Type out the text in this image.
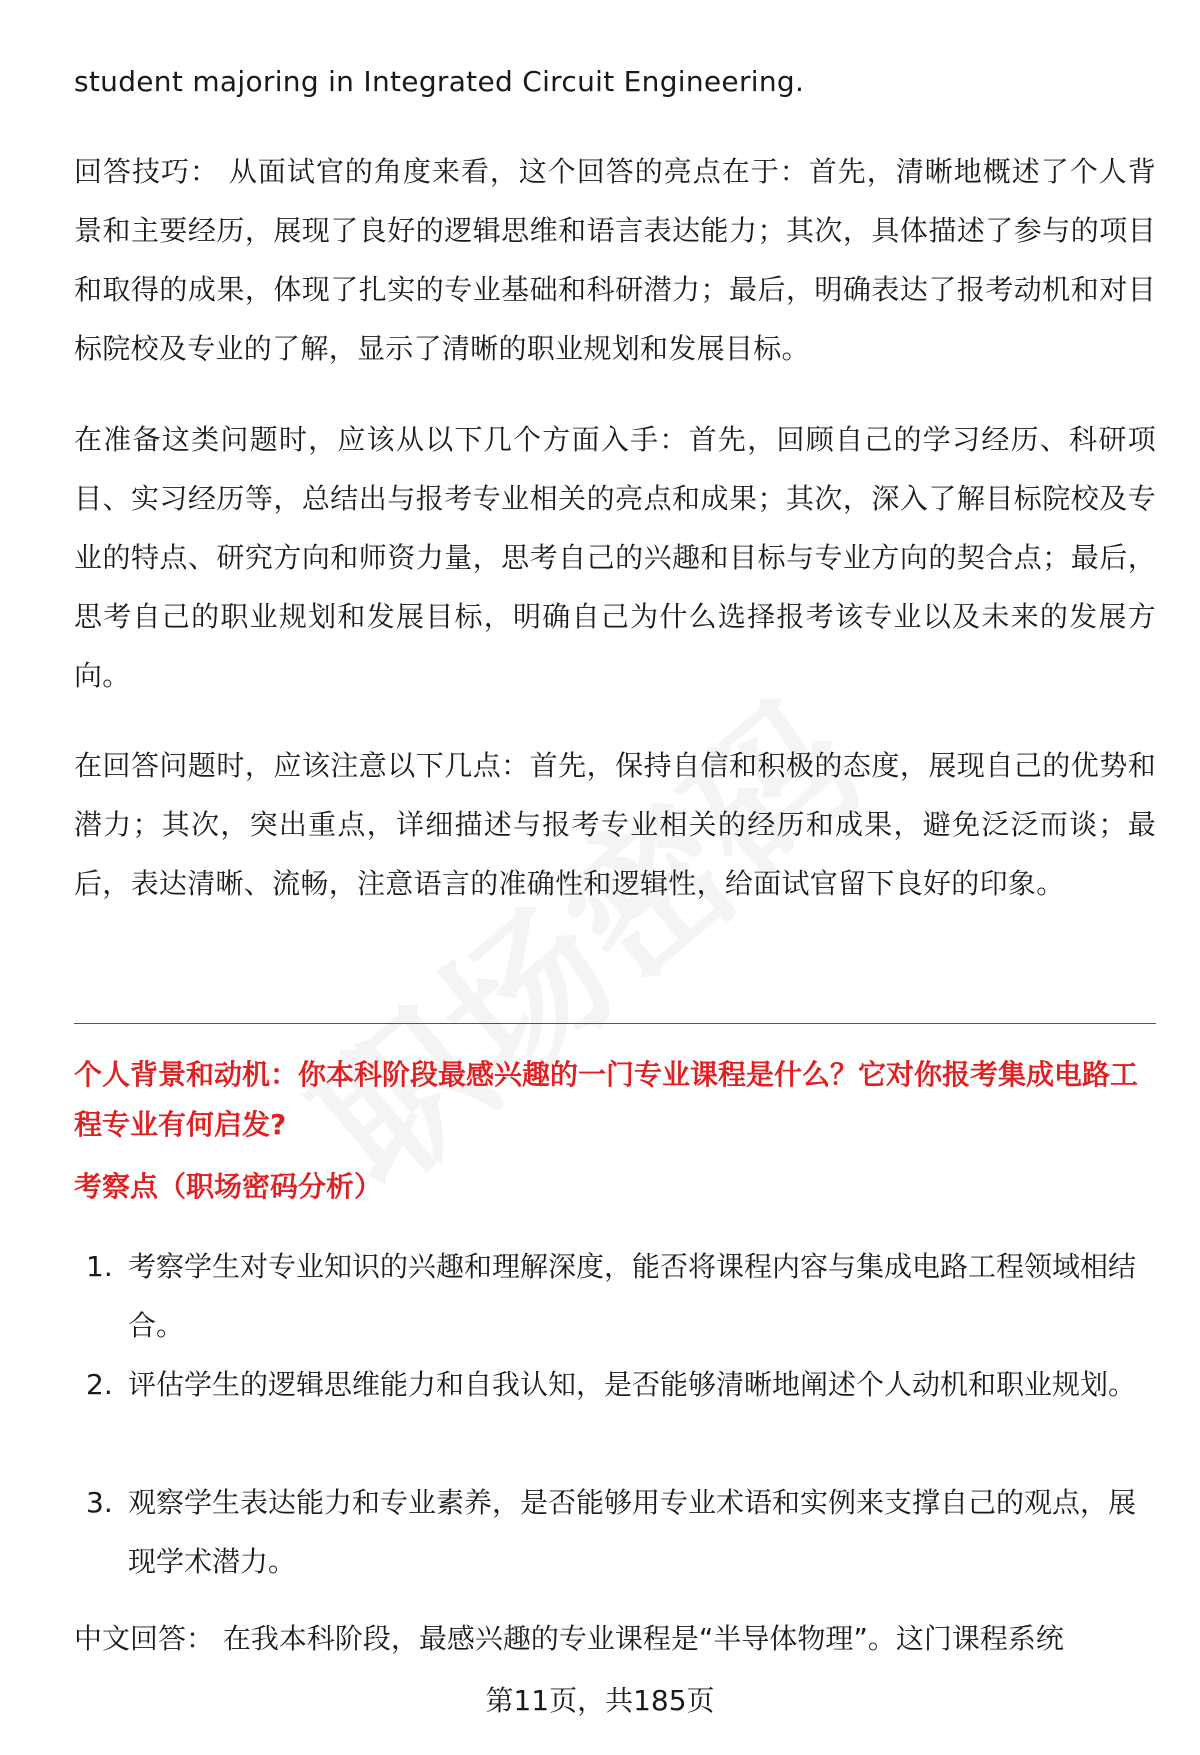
student majoring in Integrated Circuit Engineering.

回答技巧： 从面试官的角度来看，这个回答的亮点在于：首先，清晰地概述了个人背景和主要经历，展现了良好的逻辑思维和语言表达能力；其次，具体描述了参与的项目和取得的成果，体现了扎实的专业基础和科研潜力；最后，明确表达了报考动机和对目标院校及专业的了解，显示了清晰的职业规划和发展目标。

在准备这类问题时，应该从以下几个方面入手：首先，回顾自己的学习经历、科研项目、实习经历等，总结出与报考专业相关的亮点和成果；其次，深入了解目标院校及专业的特点、研究方向和师资力量，思考自己的兴趣和目标与专业方向的契合点；最后，思考自己的职业规划和发展目标，明确自己为什么选择报考该专业以及未来的发展方向。

在回答问题时，应该注意以下几点：首先，保持自信和积极的态度，展现自己的优势和潜力；其次，突出重点，详细描述与报考专业相关的经历和成果，避免泛泛而谈；最后，表达清晰、流畅，注意语言的准确性和逻辑性，给面试官留下良好的印象。

个人背景和动机：你本科阶段最感兴趣的一门专业课程是什么？它对你报考集成电路工程专业有何启发?

考察点（职场密码分析）

1. 考察学生对专业知识的兴趣和理解深度，能否将课程内容与集成电路工程领域相结合。
2. 评估学生的逻辑思维能力和自我认知，是否能够清晰地阐述个人动机和职业规划。
3. 观察学生表达能力和专业素养，是否能够用专业术语和实例来支撑自己的观点，展现学术潜力。

中文回答： 在我本科阶段，最感兴趣的专业课程是“半导体物理”。这门课程系统

第11页，共185页
